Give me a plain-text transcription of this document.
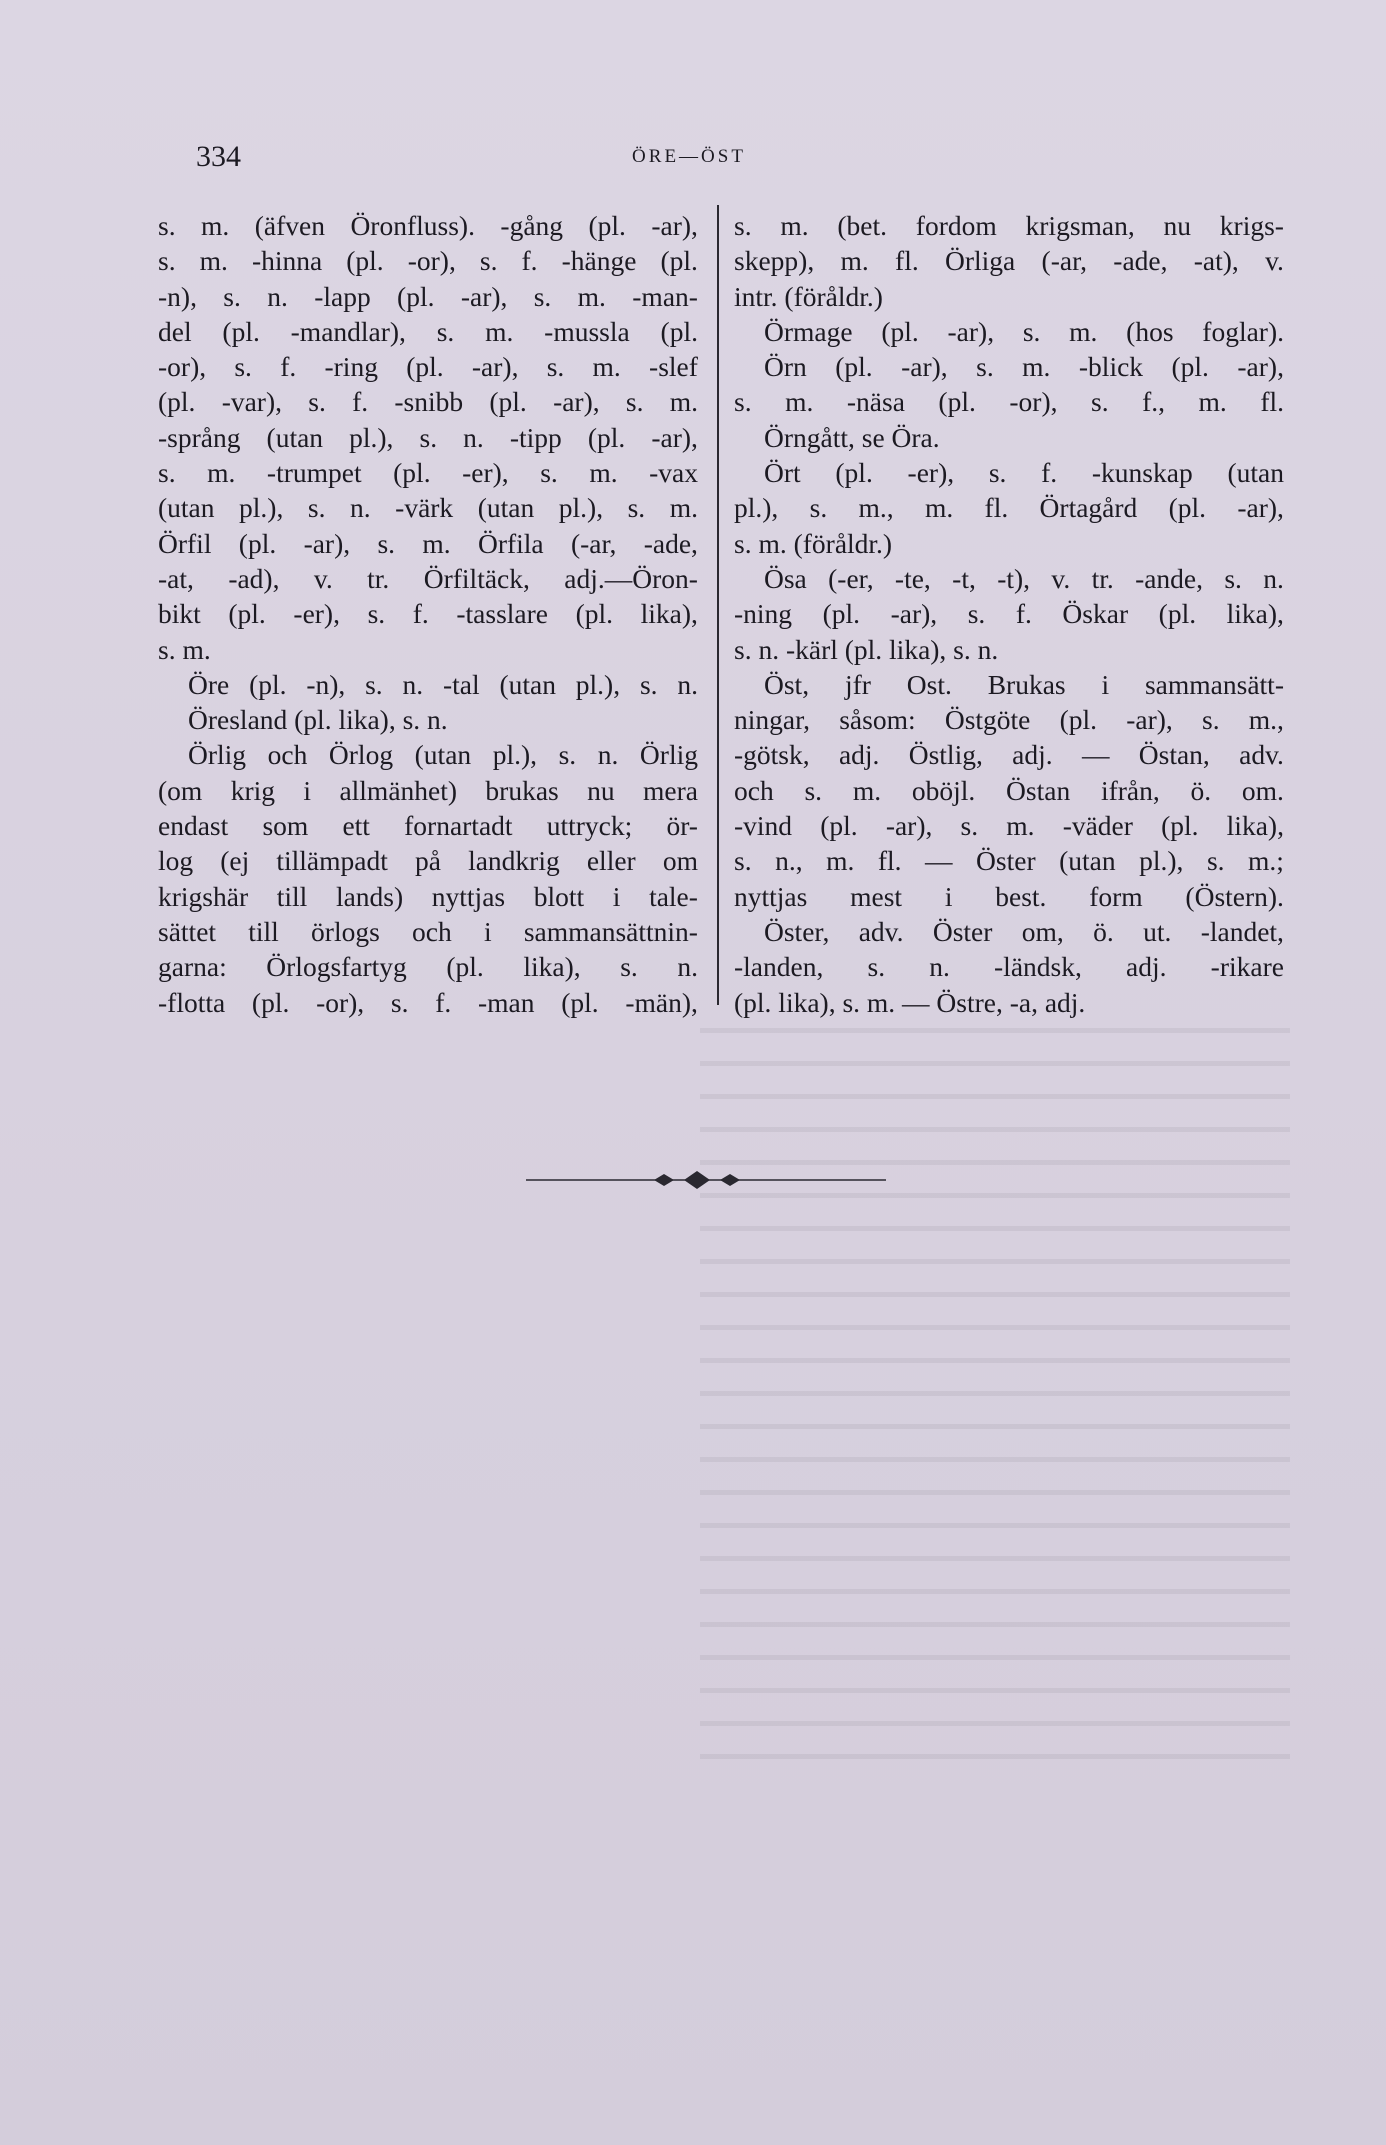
334	ÖRE—ÖST
s. m. (äfven Öronfluss). -gång (pl. -ar),
s. m. -hinna (pl. -or), s. f. -hänge (pl.
-n), s. n. -lapp (pl. -ar), s. m. -man-
del (pl. -mandlar), s. m. -mussla (pl.
-or), s. f. -ring (pl. -ar), s. m. -slef
(pl. -var), s. f. -snibb (pl. -ar), s. m.
-språng (utan pl.), s. n. -tipp (pl. -ar),
s. m. -trumpet (pl. -er), s. m. -vax
(utan pl.), s. n. -värk (utan pl.), s. m.
Örfil (pl. -ar), s. m. Örfila (-ar, -ade,
-at, -ad), v. tr. Örfiltäck, adj.—Öron-
bikt (pl. -er), s. f. -tasslare (pl. lika),
s. m.
Öre (pl. -n), s. n. -tal (utan pl.), s. n.
Öresland (pl. lika), s. n.
Örlig och Örlog (utan pl.), s. n. Örlig
(om krig i allmänhet) brukas nu mera
endast som ett fornartadt uttryck; ör-
log (ej tillämpadt på landkrig eller om
krigshär till lands) nyttjas blott i tale-
sättet till örlogs och i sammansättnin-
garna: Örlogsfartyg (pl. lika), s. n.
-flotta (pl. -or), s. f. -man (pl. -män),
s. m. (bet. fordom krigsman, nu krigs-
skepp), m. fl. Örliga (-ar, -ade, -at), v.
intr. (föråldr.)
Örmage (pl. -ar), s. m. (hos foglar).
Örn (pl. -ar), s. m. -blick (pl. -ar),
s. m. -näsa (pl. -or), s. f., m. fl.
Örngått, se Öra.
Ört (pl. -er), s. f. -kunskap (utan
pl.), s. m., m. fl. Örtagård (pl. -ar),
s. m. (föråldr.)
Ösa (-er, -te, -t, -t), v. tr. -ande, s. n.
-ning (pl. -ar), s. f. Öskar (pl. lika),
s. n. -kärl (pl. lika), s. n.
Öst, jfr Ost. Brukas i sammansätt-
ningar, såsom: Östgöte (pl. -ar), s. m.,
-götsk, adj. Östlig, adj. — Östan, adv.
och s. m. oböjl. Östan ifrån, ö. om.
-vind (pl. -ar), s. m. -väder (pl. lika),
s. n., m. fl. — Öster (utan pl.), s. m.;
nyttjas mest i best. form (Östern).
Öster, adv. Öster om, ö. ut. -landet,
-landen, s. n. -ländsk, adj. -rikare
(pl. lika), s. m. — Östre, -a, adj.
